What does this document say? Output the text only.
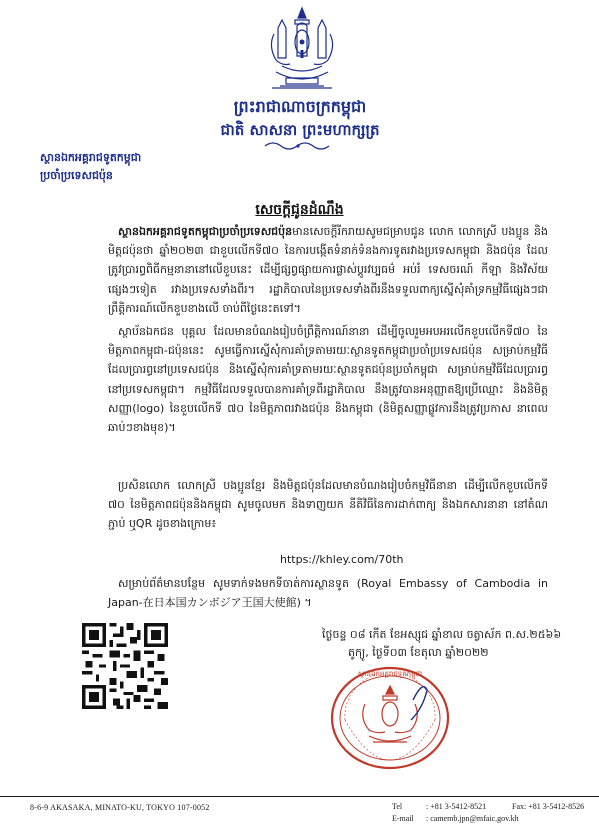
ព្រះរាជាណាចក្រកម្ពុជា
ជាតិ សាសនា ព្រះមហាក្សត្រ
ស្ថានឯកអគ្គរាជទូតកម្ពុជា
ប្រចាំប្រទេសជប៉ុន
សេចក្ដីជូនដំណឹង
ស្ថានឯកអគ្គរាជទូតកម្ពុជាប្រចាំប្រទេសជប៉ុនមានសេចក្ដីរីករាយសូមជម្រាបជូន លោក លោកស្រី បងប្អូន និងមិត្តជប៉ុនថា ឆ្នាំ២០២៣ ជាខួបលើកទី៧០ នៃការបង្កើតទំនាក់ទំនងការទូតរវាងប្រទេសកម្ពុជា និងជប៉ុន ដែលត្រូវប្រារព្ធពិធីកម្មនានានៅលើខួបនេះ ដើម្បីផ្សព្វផ្សាយការផ្លាស់ប្ដូរវប្បធម៌ អប់រំ ទេសចរណ៍ កីឡា និងវិស័យផ្សេងៗទៀត រវាងប្រទេសទាំងពីរ។ រដ្ឋាភិបាលនៃប្រទេសទាំងពីរនឹងទទួលពាក្យស្នើសុំគាំទ្រកម្មវិធីផ្សេងៗជាព្រឹត្តិការណ៍លើកខួបខាងលើ ចាប់ពីថ្ងៃនេះតទៅ។
ស្ថាប័នឯកជន បុគ្គល ដែលមានបំណងរៀបចំព្រឹត្តិការណ៍នានា ដើម្បីចូលរួមអបអរលើកខួបលើកទី៧០ នៃមិត្តភាពកម្ពុជា-ជប៉ុននេះ សូមធ្វើការស្នើសុំការគាំទ្រតាមរយៈស្ថានទូតកម្ពុជាប្រចាំប្រទេសជប៉ុន សម្រាប់កម្មវិធីដែលប្រារព្ធនៅប្រទេសជប៉ុន និងស្នើសុំការគាំទ្រតាមរយៈស្ថានទូតជប៉ុនប្រចាំកម្ពុជា សម្រាប់កម្មវិធីដែលប្រារព្ធនៅប្រទេសកម្ពុជា។ កម្មវិធីដែលទទួលបានការគាំទ្រពីរដ្ឋាភិបាល នឹងត្រូវបានអនុញ្ញាតឱ្យប្រើឈ្មោះ និងនិមិត្តសញ្ញា(logo) នៃខួបលើកទី ៧០ នៃមិត្តភាពរវាងជប៉ុន និងកម្ពុជា (និមិត្តសញ្ញាផ្លូវការនឹងត្រូវប្រកាស នាពេលឆាប់ៗខាងមុខ)។
ប្រសិនលោក លោកស្រី បងប្អូនខ្មែរ និងមិត្តជប៉ុនដែលមានបំណងរៀបចំកម្មវិធីនានា ដើម្បីលើកខួបលើកទី ៧០ នៃមិត្តភាពជប៉ុននិងកម្ពុជា សូមចូលមក និងទាញយក នីតិវិធីនៃការដាក់ពាក្យ និងឯកសារនានា នៅតំណភ្ជាប់ ឬQR ដូចខាងក្រោម៖
https://khley.com/70th
សម្រាប់ព័ត៌មានបន្ថែម សូមទាក់ទងមកទីចាត់ការស្ថានទូត (Royal Embassy of Cambodia in Japan-在日本国カンボジア王国大使館) ។
ថ្ងៃចន្ទ ០៨ កើត ខែអស្សុជ ឆ្នាំខាល ចត្វាស័ក ព.ស.២៥៦៦
តូក្យូ, ថ្ងៃទី០៣ ខែតុលា ឆ្នាំ២០២២
ស្ថានឯកអគ្គរាជទូតកម្ពុជា
8-6-9 AKASAKA, MINATO-KU, TOKYO 107-0052	Tel	: +81 3-5412-8521	Fax: +81 3-5412-8526
E-mail : camemb.jpn@mfaic.gov.kh
